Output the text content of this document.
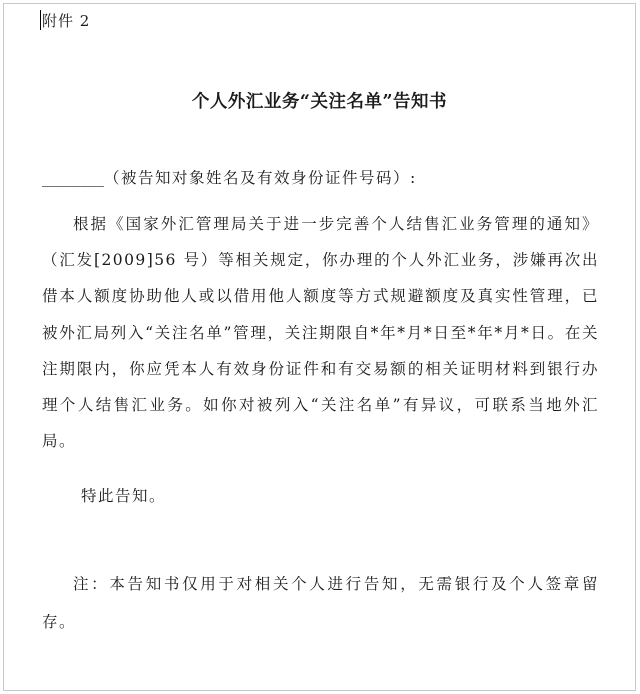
附件 2
个人外汇业务“关注名单”告知书
________（被告知对象姓名及有效身份证件号码）:
根据《国家外汇管理局关于进一步完善个人结售汇业务管理的通知》（汇发[2009]56 号）等相关规定，你办理的个人外汇业务，涉嫌再次出借本人额度协助他人或以借用他人额度等方式规避额度及真实性管理，已被外汇局列入“关注名单”管理，关注期限自*年*月*日至*年*月*日。在关注期限内，你应凭本人有效身份证件和有交易额的相关证明材料到银行办理个人结售汇业务。如你对被列入“关注名单”有异议，可联系当地外汇局。
特此告知。
注：本告知书仅用于对相关个人进行告知，无需银行及个人签章留存。
